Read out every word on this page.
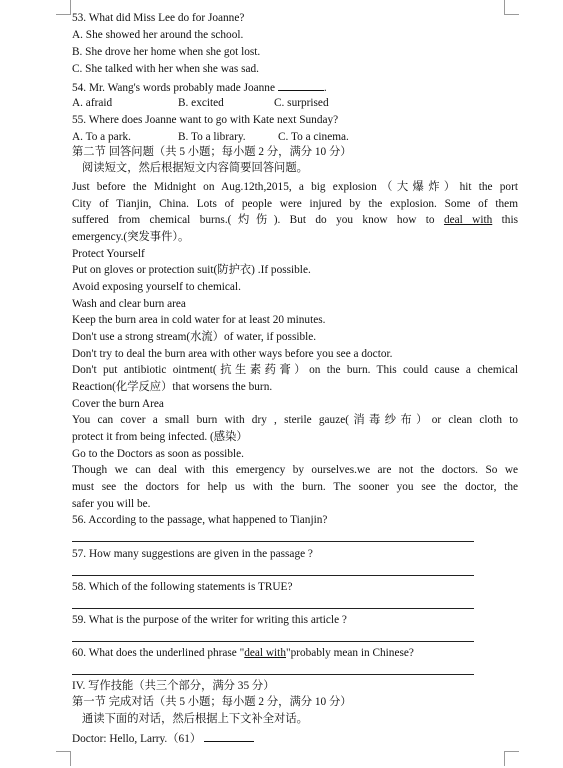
53. What did Miss Lee do for Joanne?
A. She showed her around the school.
B. She drove her home when she got lost.
C. She talked with her when she was sad.
54. Mr. Wang's words probably made Joanne	.
A. afraid	B. excited	C. surprised
55. Where does Joanne want to go with Kate next Sunday?
A. To a park.	B. To a library.	C. To a cinema.
第二节 回答问题（共 5 小题；每小题 2 分，满分 10 分）
阅读短文，然后根据短文内容简要回答问题。
Just before the Midnight on Aug.12th,2015, a big explosion（大爆炸）hit the port
City of Tianjin, China. Lots of people were injured by the explosion. Some of them
suffered from chemical burns.(灼伤). But do you know how to deal with this
emergency.(突发事件）。
Protect Yourself
Put on gloves or protection suit(防护衣) .If possible.
Avoid exposing yourself to chemical.
Wash and clear burn area
Keep the burn area in cold water for at least 20 minutes.
Don't use a strong stream(水流）of water, if possible.
Don't try to deal the burn area with other ways before you see a doctor.
Don't put antibiotic ointment(抗生素药膏）on the burn. This could cause a chemical
Reaction(化学反应）that worsens the burn.
Cover the burn Area
You can cover a small burn with dry , sterile gauze(消毒纱布）or clean cloth to
protect it from being infected. (感染）
Go to the Doctors as soon as possible.
Though we can deal with this emergency by ourselves.we are not the doctors. So we
must see the doctors for help us with the burn. The sooner you see the doctor, the
safer you will be.
56. According to the passage, what happened to Tianjin?
57. How many suggestions are given in the passage ?
58. Which of the following statements is TRUE?
59. What is the purpose of the writer for writing this article ?
60. What does the underlined phrase "deal with"probably mean in Chinese?
IV. 写作技能（共三个部分，满分 35 分）
第一节 完成对话（共 5 小题；每小题 2 分，满分 10 分）
通读下面的对话，然后根据上下文补全对话。
Doctor: Hello, Larry.（61）
